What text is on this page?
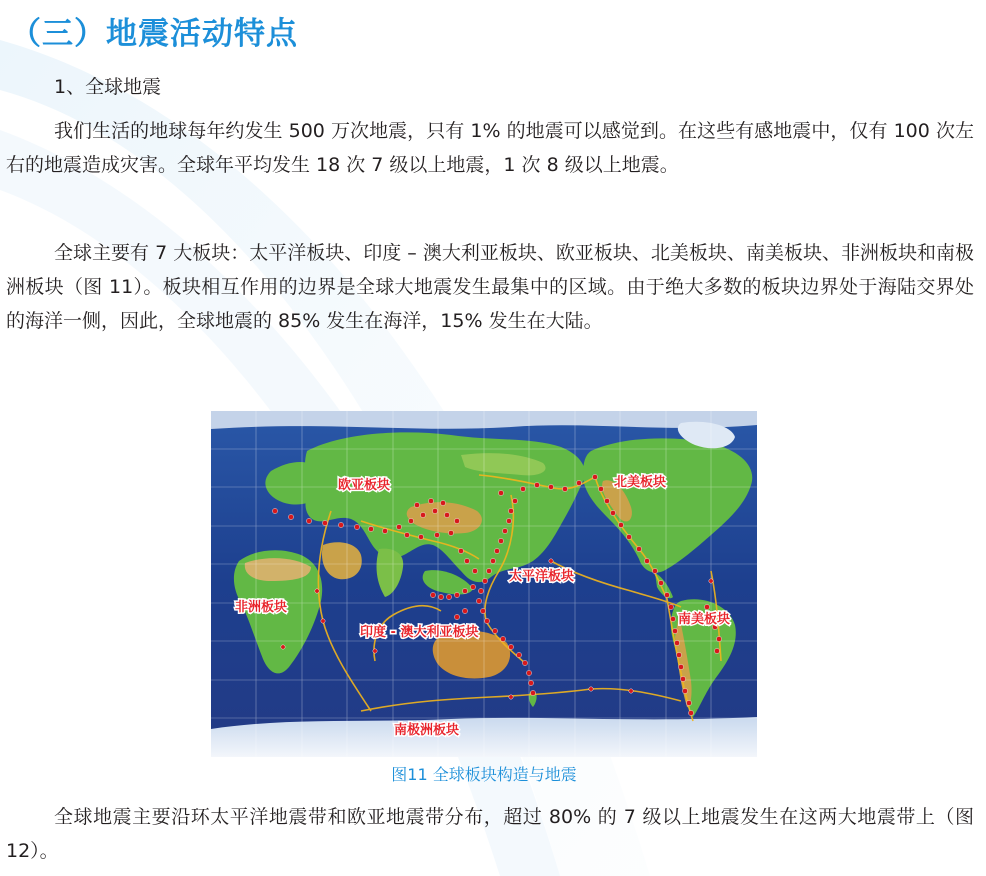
（三）地震活动特点
1、全球地震

我们生活的地球每年约发生 500 万次地震，只有 1% 的地震可以感觉到。在这些有感地震中，仅有 100 次左右的地震造成灾害。全球年平均发生 18 次 7 级以上地震，1 次 8 级以上地震。

全球主要有 7 大板块：太平洋板块、印度 – 澳大利亚板块、欧亚板块、北美板块、南美板块、非洲板块和南极洲板块（图 11）。板块相互作用的边界是全球大地震发生最集中的区域。由于绝大多数的板块边界处于海陆交界处的海洋一侧，因此，全球地震的 85% 发生在海洋，15% 发生在大陆。

欧亚板块	北美板块
太平洋板块
非洲板块
南美板块
印度 - 澳大利亚板块
南极洲板块

图11 全球板块构造与地震

全球地震主要沿环太平洋地震带和欧亚地震带分布，超过 80% 的 7 级以上地震发生在这两大地震带上（图 12）。
